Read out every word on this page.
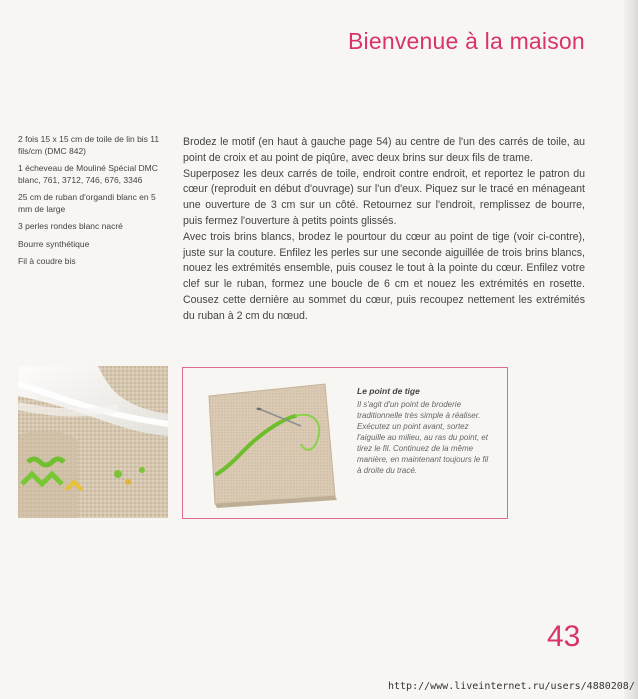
Bienvenue à la maison
2 fois 15 x 15 cm de toile de lin bis 11 fils/cm (DMC 842)
1 écheveau de Mouliné Spécial DMC blanc, 761, 3712, 746, 676, 3346
25 cm de ruban d'organdi blanc en 5 mm de large
3 perles rondes blanc nacré
Bourre synthétique
Fil à coudre bis

Brodez le motif (en haut à gauche page 54) au centre de l'un des carrés de toile, au point de croix et au point de piqûre, avec deux brins sur deux fils de trame.

Superposez les deux carrés de toile, endroit contre endroit, et reportez le patron du cœur (reproduit en début d'ouvrage) sur l'un d'eux. Piquez sur le tracé en ménageant une ouverture de 3 cm sur un côté. Retournez sur l'endroit, remplissez de bourre, puis fermez l'ouverture à petits points glissés.

Avec trois brins blancs, brodez le pourtour du cœur au point de tige (voir ci-contre), juste sur la couture. Enfilez les perles sur une seconde aiguillée de trois brins blancs, nouez les extrémités ensemble, puis cousez le tout à la pointe du cœur. Enfilez votre clef sur le ruban, formez une boucle de 6 cm et nouez les extrémités en rosette. Cousez cette dernière au sommet du cœur, puis recoupez nettement les extrémités du ruban à 2 cm du nœud.

Le point de tige
Il s'agit d'un point de broderie traditionnelle très simple à réaliser. Exécutez un point avant, sortez l'aiguille au milieu, au ras du point, et tirez le fil. Continuez de la même manière, en maintenant toujours le fil à droite du tracé.
43
http://www.liveinternet.ru/users/4880208/
